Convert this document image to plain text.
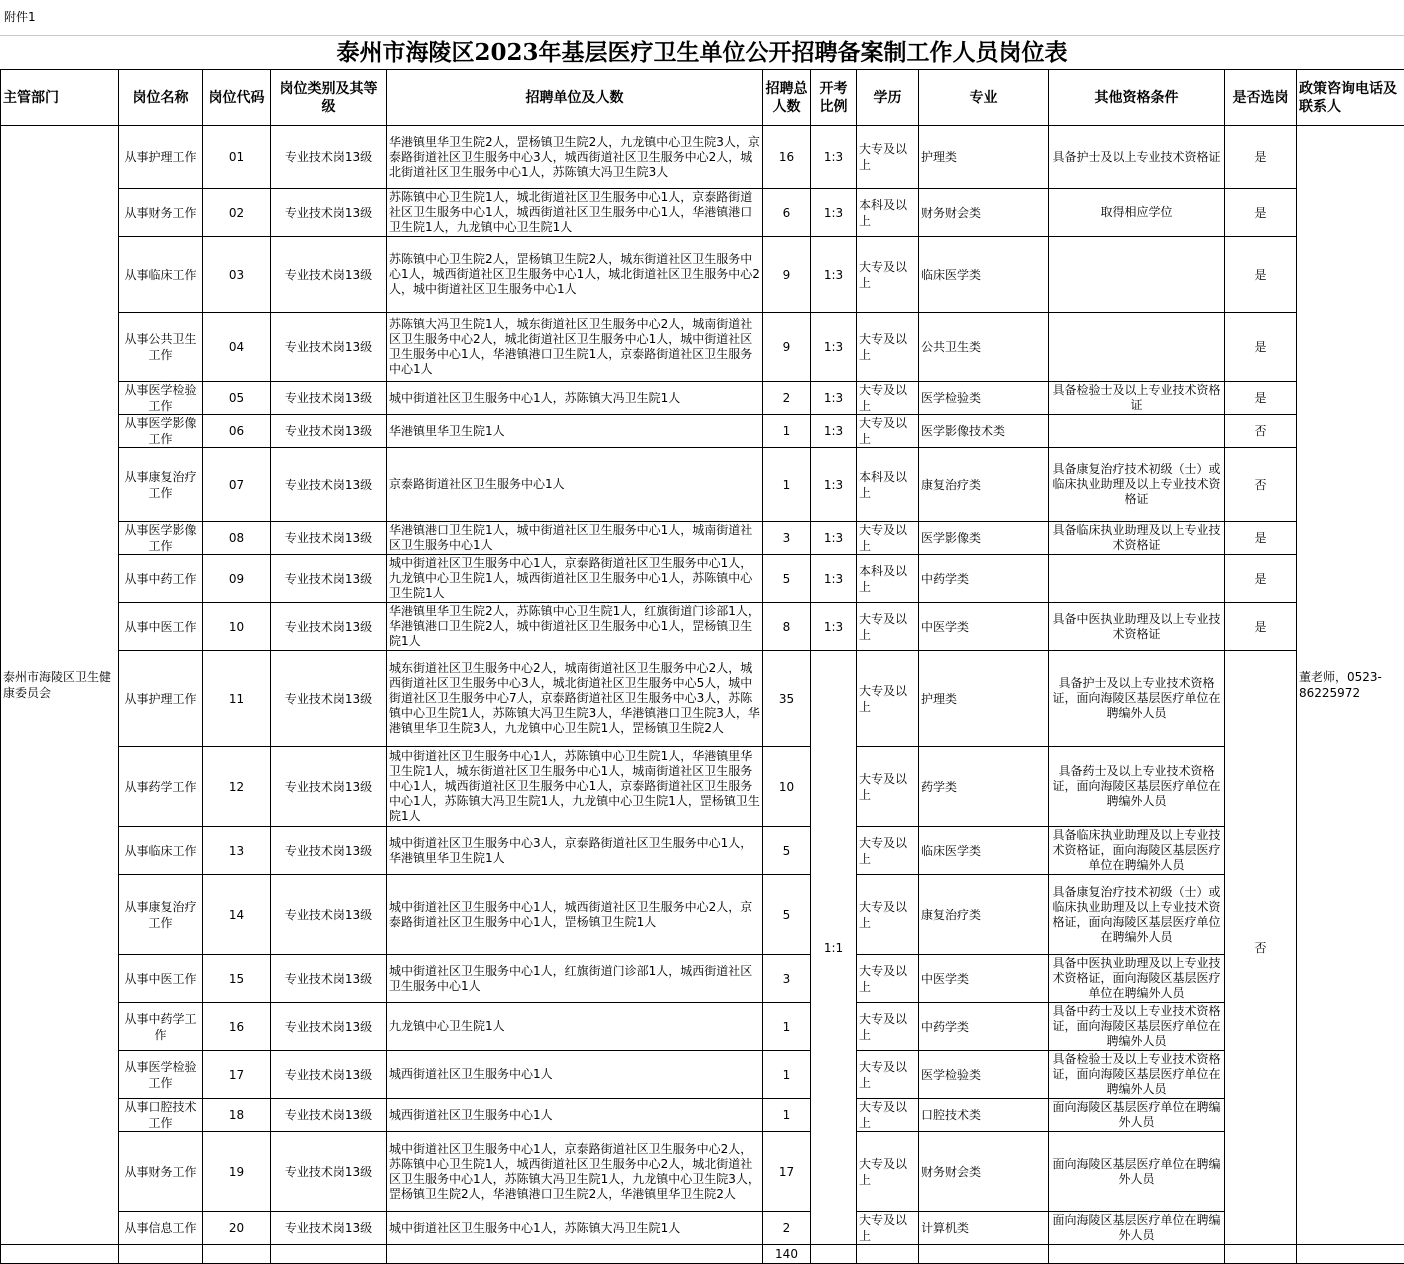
附件1
泰州市海陵区2023年基层医疗卫生单位公开招聘备案制工作人员岗位表
主管部门	岗位名称	岗位代码	岗位类别及其等级	招聘单位及人数	招聘总人数	开考比例	学历	专业	其他资格条件	是否选岗	政策咨询电话及联系人
泰州市海陵区卫生健康委员会	从事护理工作	01	专业技术岗13级	华港镇里华卫生院2人，罡杨镇卫生院2人，九龙镇中心卫生院3人，京泰路街道社区卫生服务中心3人，城西街道社区卫生服务中心2人，城北街道社区卫生服务中心1人，苏陈镇大冯卫生院3人	16	1:3	大专及以上	护理类	具备护士及以上专业技术资格证	是	董老师，0523-86225972
	从事财务工作	02	专业技术岗13级	苏陈镇中心卫生院1人，城北街道社区卫生服务中心1人，京泰路街道社区卫生服务中心1人，城西街道社区卫生服务中心1人，华港镇港口卫生院1人，九龙镇中心卫生院1人	6	1:3	本科及以上	财务财会类	取得相应学位	是	
	从事临床工作	03	专业技术岗13级	苏陈镇中心卫生院2人，罡杨镇卫生院2人，城东街道社区卫生服务中心1人，城西街道社区卫生服务中心1人，城北街道社区卫生服务中心2人，城中街道社区卫生服务中心1人	9	1:3	大专及以上	临床医学类		是	
	从事公共卫生工作	04	专业技术岗13级	苏陈镇大冯卫生院1人，城东街道社区卫生服务中心2人，城南街道社区卫生服务中心2人，城北街道社区卫生服务中心1人，城中街道社区卫生服务中心1人，华港镇港口卫生院1人，京泰路街道社区卫生服务中心1人	9	1:3	大专及以上	公共卫生类		是	
	从事医学检验工作	05	专业技术岗13级	城中街道社区卫生服务中心1人，苏陈镇大冯卫生院1人	2	1:3	大专及以上	医学检验类	具备检验士及以上专业技术资格证	是	
	从事医学影像工作	06	专业技术岗13级	华港镇里华卫生院1人	1	1:3	大专及以上	医学影像技术类		否	
	从事康复治疗工作	07	专业技术岗13级	京泰路街道社区卫生服务中心1人	1	1:3	本科及以上	康复治疗类	具备康复治疗技术初级（士）或临床执业助理及以上专业技术资格证	否	
	从事医学影像工作	08	专业技术岗13级	华港镇港口卫生院1人，城中街道社区卫生服务中心1人，城南街道社区卫生服务中心1人	3	1:3	大专及以上	医学影像类	具备临床执业助理及以上专业技术资格证	是	
	从事中药工作	09	专业技术岗13级	城中街道社区卫生服务中心1人，京泰路街道社区卫生服务中心1人，九龙镇中心卫生院1人，城西街道社区卫生服务中心1人，苏陈镇中心卫生院1人	5	1:3	本科及以上	中药学类		是	
	从事中医工作	10	专业技术岗13级	华港镇里华卫生院2人，苏陈镇中心卫生院1人，红旗街道门诊部1人，华港镇港口卫生院2人，城中街道社区卫生服务中心1人，罡杨镇卫生院1人	8	1:3	大专及以上	中医学类	具备中医执业助理及以上专业技术资格证	是	
	从事护理工作	11	专业技术岗13级	城东街道社区卫生服务中心2人，城南街道社区卫生服务中心2人，城西街道社区卫生服务中心3人，城北街道社区卫生服务中心5人，城中街道社区卫生服务中心7人，京泰路街道社区卫生服务中心3人，苏陈镇中心卫生院1人，苏陈镇大冯卫生院3人，华港镇港口卫生院3人，华港镇里华卫生院3人，九龙镇中心卫生院1人，罡杨镇卫生院2人	35	1:1	大专及以上	护理类	具备护士及以上专业技术资格证，面向海陵区基层医疗单位在聘编外人员	否	
	从事药学工作	12	专业技术岗13级	城中街道社区卫生服务中心1人，苏陈镇中心卫生院1人，华港镇里华卫生院1人，城东街道社区卫生服务中心1人，城南街道社区卫生服务中心1人，城西街道社区卫生服务中心1人，京泰路街道社区卫生服务中心1人，苏陈镇大冯卫生院1人，九龙镇中心卫生院1人，罡杨镇卫生院1人	10		大专及以上	药学类	具备药士及以上专业技术资格证，面向海陵区基层医疗单位在聘编外人员		
	从事临床工作	13	专业技术岗13级	城中街道社区卫生服务中心3人，京泰路街道社区卫生服务中心1人，华港镇里华卫生院1人	5		大专及以上	临床医学类	具备临床执业助理及以上专业技术资格证，面向海陵区基层医疗单位在聘编外人员		
	从事康复治疗工作	14	专业技术岗13级	城中街道社区卫生服务中心1人，城西街道社区卫生服务中心2人，京泰路街道社区卫生服务中心1人，罡杨镇卫生院1人	5		大专及以上	康复治疗类	具备康复治疗技术初级（士）或临床执业助理及以上专业技术资格证，面向海陵区基层医疗单位在聘编外人员		
	从事中医工作	15	专业技术岗13级	城中街道社区卫生服务中心1人，红旗街道门诊部1人，城西街道社区卫生服务中心1人	3		大专及以上	中医学类	具备中医执业助理及以上专业技术资格证，面向海陵区基层医疗单位在聘编外人员		
	从事中药学工作	16	专业技术岗13级	九龙镇中心卫生院1人	1		大专及以上	中药学类	具备中药士及以上专业技术资格证，面向海陵区基层医疗单位在聘编外人员		
	从事医学检验工作	17	专业技术岗13级	城西街道社区卫生服务中心1人	1		大专及以上	医学检验类	具备检验士及以上专业技术资格证，面向海陵区基层医疗单位在聘编外人员		
	从事口腔技术工作	18	专业技术岗13级	城西街道社区卫生服务中心1人	1		大专及以上	口腔技术类	面向海陵区基层医疗单位在聘编外人员		
	从事财务工作	19	专业技术岗13级	城中街道社区卫生服务中心1人，京泰路街道社区卫生服务中心2人，苏陈镇中心卫生院1人，城西街道社区卫生服务中心2人，城北街道社区卫生服务中心1人，苏陈镇大冯卫生院1人，九龙镇中心卫生院3人，罡杨镇卫生院2人，华港镇港口卫生院2人，华港镇里华卫生院2人	17		大专及以上	财务财会类	面向海陵区基层医疗单位在聘编外人员		
	从事信息工作	20	专业技术岗13级	城中街道社区卫生服务中心1人，苏陈镇大冯卫生院1人	2		大专及以上	计算机类	面向海陵区基层医疗单位在聘编外人员		
					140						
